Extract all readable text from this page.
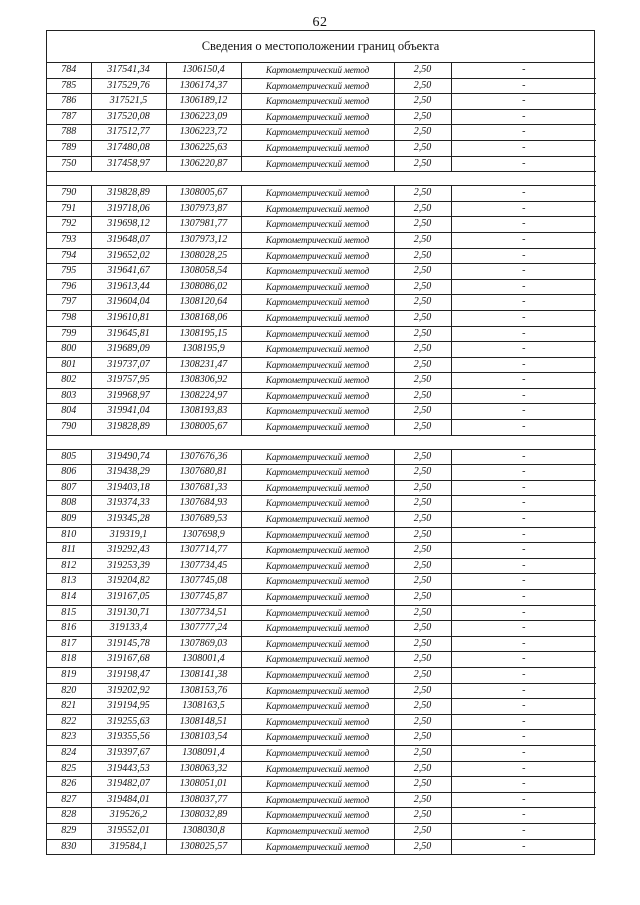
62
Сведения о местоположении границ объекта
784	317541,34	1306150,4	Картометрический метод	2,50	-
785	317529,76	1306174,37	Картометрический метод	2,50	-
786	317521,5	1306189,12	Картометрический метод	2,50	-
787	317520,08	1306223,09	Картометрический метод	2,50	-
788	317512,77	1306223,72	Картометрический метод	2,50	-
789	317480,08	1306225,63	Картометрический метод	2,50	-
750	317458,97	1306220,87	Картометрический метод	2,50	-

790	319828,89	1308005,67	Картометрический метод	2,50	-
791	319718,06	1307973,87	Картометрический метод	2,50	-
792	319698,12	1307981,77	Картометрический метод	2,50	-
793	319648,07	1307973,12	Картометрический метод	2,50	-
794	319652,02	1308028,25	Картометрический метод	2,50	-
795	319641,67	1308058,54	Картометрический метод	2,50	-
796	319613,44	1308086,02	Картометрический метод	2,50	-
797	319604,04	1308120,64	Картометрический метод	2,50	-
798	319610,81	1308168,06	Картометрический метод	2,50	-
799	319645,81	1308195,15	Картометрический метод	2,50	-
800	319689,09	1308195,9	Картометрический метод	2,50	-
801	319737,07	1308231,47	Картометрический метод	2,50	-
802	319757,95	1308306,92	Картометрический метод	2,50	-
803	319968,97	1308224,97	Картометрический метод	2,50	-
804	319941,04	1308193,83	Картометрический метод	2,50	-
790	319828,89	1308005,67	Картометрический метод	2,50	-

805	319490,74	1307676,36	Картометрический метод	2,50	-
806	319438,29	1307680,81	Картометрический метод	2,50	-
807	319403,18	1307681,33	Картометрический метод	2,50	-
808	319374,33	1307684,93	Картометрический метод	2,50	-
809	319345,28	1307689,53	Картометрический метод	2,50	-
810	319319,1	1307698,9	Картометрический метод	2,50	-
811	319292,43	1307714,77	Картометрический метод	2,50	-
812	319253,39	1307734,45	Картометрический метод	2,50	-
813	319204,82	1307745,08	Картометрический метод	2,50	-
814	319167,05	1307745,87	Картометрический метод	2,50	-
815	319130,71	1307734,51	Картометрический метод	2,50	-
816	319133,4	1307777,24	Картометрический метод	2,50	-
817	319145,78	1307869,03	Картометрический метод	2,50	-
818	319167,68	1308001,4	Картометрический метод	2,50	-
819	319198,47	1308141,38	Картометрический метод	2,50	-
820	319202,92	1308153,76	Картометрический метод	2,50	-
821	319194,95	1308163,5	Картометрический метод	2,50	-
822	319255,63	1308148,51	Картометрический метод	2,50	-
823	319355,56	1308103,54	Картометрический метод	2,50	-
824	319397,67	1308091,4	Картометрический метод	2,50	-
825	319443,53	1308063,32	Картометрический метод	2,50	-
826	319482,07	1308051,01	Картометрический метод	2,50	-
827	319484,01	1308037,77	Картометрический метод	2,50	-
828	319526,2	1308032,89	Картометрический метод	2,50	-
829	319552,01	1308030,8	Картометрический метод	2,50	-
830	319584,1	1308025,57	Картометрический метод	2,50	-
